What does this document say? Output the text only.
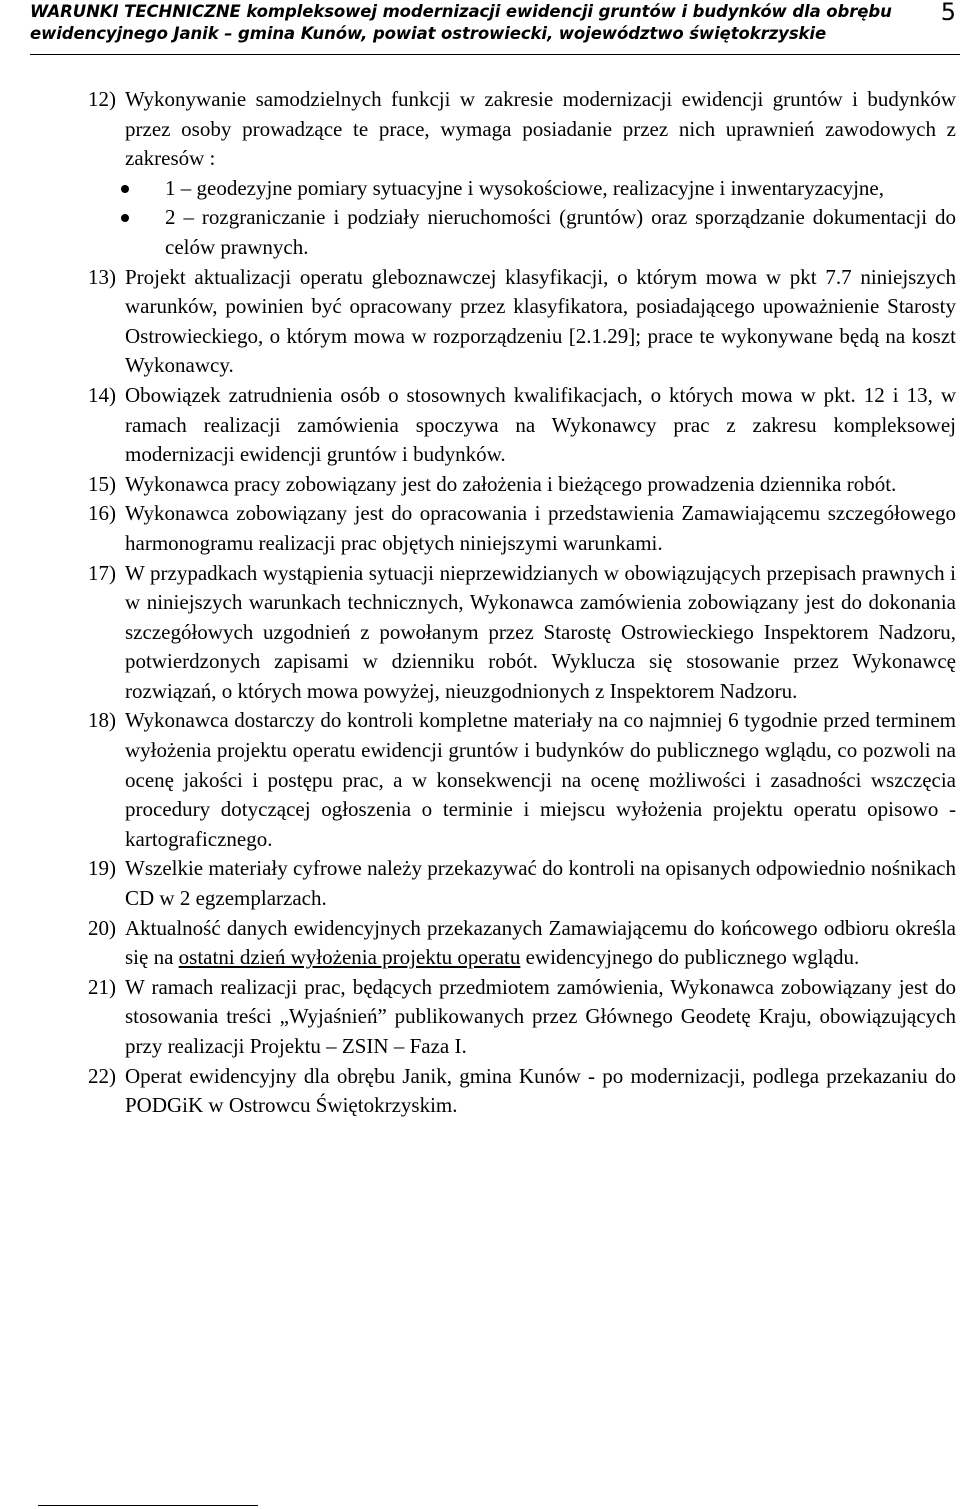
WARUNKI TECHNICZNE kompleksowej modernizacji ewidencji gruntów i budynków dla obrębu
ewidencyjnego Janik – gmina Kunów, powiat ostrowiecki, województwo świętokrzyskie
5
12) Wykonywanie samodzielnych funkcji w zakresie modernizacji ewidencji gruntów i budynków przez osoby prowadzące te prace, wymaga posiadanie przez nich uprawnień zawodowych z zakresów :
1 – geodezyjne pomiary sytuacyjne i wysokościowe, realizacyjne i inwentaryzacyjne,
2 – rozgraniczanie i podziały nieruchomości (gruntów) oraz sporządzanie dokumentacji do celów prawnych.
13) Projekt aktualizacji operatu gleboznawczej klasyfikacji, o którym mowa w pkt 7.7 niniejszych warunków, powinien być opracowany przez klasyfikatora, posiadającego upoważnienie Starosty Ostrowieckiego, o którym mowa w rozporządzeniu [2.1.29]; prace te wykonywane będą na koszt Wykonawcy.
14) Obowiązek zatrudnienia osób o stosownych kwalifikacjach, o których mowa w pkt. 12 i 13, w ramach realizacji zamówienia spoczywa na Wykonawcy prac z zakresu kompleksowej modernizacji ewidencji gruntów i budynków.
15) Wykonawca pracy zobowiązany jest do założenia i bieżącego prowadzenia dziennika robót.
16) Wykonawca zobowiązany jest do opracowania i przedstawienia Zamawiającemu szczegółowego harmonogramu realizacji prac objętych niniejszymi warunkami.
17) W przypadkach wystąpienia sytuacji nieprzewidzianych w obowiązujących przepisach prawnych i w niniejszych warunkach technicznych, Wykonawca zamówienia zobowiązany jest do dokonania szczegółowych uzgodnień z powołanym przez Starostę Ostrowieckiego Inspektorem Nadzoru, potwierdzonych zapisami w dzienniku robót. Wyklucza się stosowanie przez Wykonawcę rozwiązań, o których mowa powyżej, nieuzgodnionych z Inspektorem Nadzoru.
18) Wykonawca dostarczy do kontroli kompletne materiały na co najmniej 6 tygodnie przed terminem wyłożenia projektu operatu ewidencji gruntów i budynków do publicznego wglądu, co pozwoli na ocenę jakości i postępu prac, a w konsekwencji na ocenę możliwości i zasadności wszczęcia procedury dotyczącej ogłoszenia o terminie i miejscu wyłożenia projektu operatu opisowo - kartograficznego.
19) Wszelkie materiały cyfrowe należy przekazywać do kontroli na opisanych odpowiednio nośnikach CD w 2 egzemplarzach.
20) Aktualność danych ewidencyjnych przekazanych Zamawiającemu do końcowego odbioru określa się na ostatni dzień wyłożenia projektu operatu ewidencyjnego do publicznego wglądu.
21) W ramach realizacji prac, będących przedmiotem zamówienia, Wykonawca zobowiązany jest do stosowania treści „Wyjaśnień” publikowanych przez Głównego Geodetę Kraju, obowiązujących przy realizacji Projektu – ZSIN – Faza I.
22) Operat ewidencyjny dla obrębu Janik, gmina Kunów - po modernizacji, podlega przekazaniu do PODGiK w Ostrowcu Świętokrzyskim.
